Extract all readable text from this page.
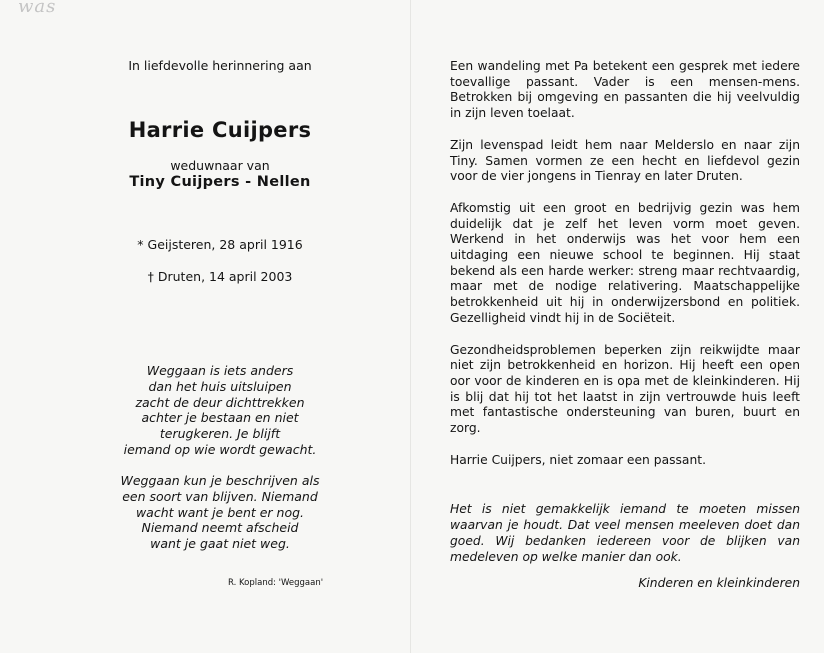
was
In liefdevolle herinnering aan
Harrie Cuijpers
weduwnaar van
Tiny Cuijpers - Nellen
* Geijsteren, 28 april 1916
† Druten, 14 april 2003
Weggaan is iets anders
dan het huis uitsluipen
zacht de deur dichttrekken
achter je bestaan en niet
terugkeren. Je blijft
iemand op wie wordt gewacht.
Weggaan kun je beschrijven als
een soort van blijven. Niemand
wacht want je bent er nog.
Niemand neemt afscheid
want je gaat niet weg.
R. Kopland: 'Weggaan'

Een wandeling met Pa betekent een gesprek met iedere toevallige passant. Vader is een mensen-mens. Betrokken bij omgeving en passanten die hij veelvuldig in zijn leven toelaat.

Zijn levenspad leidt hem naar Melderslo en naar zijn Tiny. Samen vormen ze een hecht en liefdevol gezin voor de vier jongens in Tienray en later Druten.

Afkomstig uit een groot en bedrijvig gezin was hem duidelijk dat je zelf het leven vorm moet geven. Werkend in het onderwijs was het voor hem een uitdaging een nieuwe school te beginnen. Hij staat bekend als een harde werker: streng maar rechtvaardig, maar met de nodige relativering. Maatschappelijke betrokkenheid uit hij in onderwijzersbond en politiek. Gezelligheid vindt hij in de Sociëteit.

Gezondheidsproblemen beperken zijn reikwijdte maar niet zijn betrokkenheid en horizon. Hij heeft een open oor voor de kinderen en is opa met de kleinkinderen. Hij is blij dat hij tot het laatst in zijn vertrouwde huis leeft met fantastische ondersteuning van buren, buurt en zorg.

Harrie Cuijpers, niet zomaar een passant.

Het is niet gemakkelijk iemand te moeten missen waarvan je houdt. Dat veel mensen meeleven doet dan goed. Wij bedanken iedereen voor de blijken van medeleven op welke manier dan ook.

Kinderen en kleinkinderen
